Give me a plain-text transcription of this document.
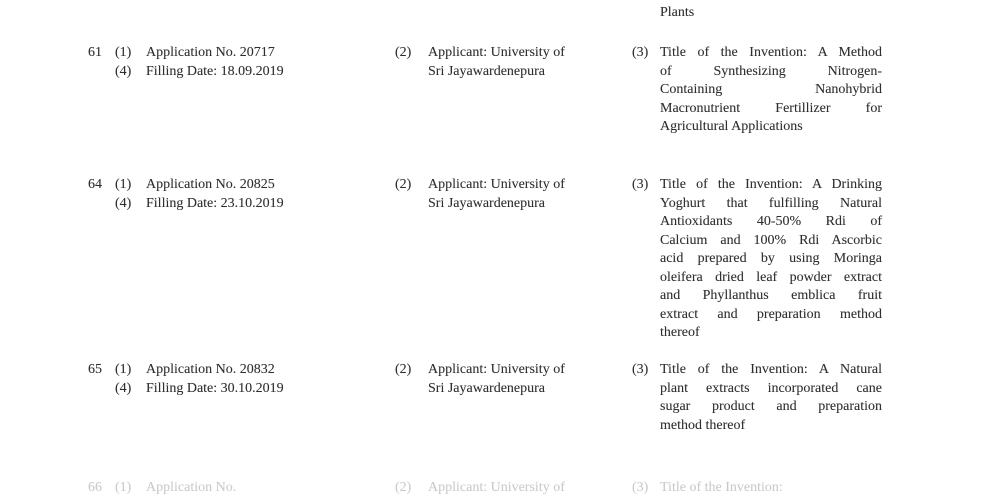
Plants
61 (1)	Application No. 20717
(4)	Filling Date: 18.09.2019
(2)	Applicant: University of
Sri Jayawardenepura
(3) Title of the Invention: A Method
of Synthesizing Nitrogen-
Containing Nanohybrid
Macronutrient Fertillizer for
Agricultural Applications
64 (1)	Application No. 20825
(4)	Filling Date: 23.10.2019
(2)	Applicant: University of
Sri Jayawardenepura
(3) Title of the Invention: A Drinking
Yoghurt that fulfilling Natural
Antioxidants 40-50% Rdi of
Calcium and 100% Rdi Ascorbic
acid prepared by using Moringa
oleifera dried leaf powder extract
and Phyllanthus emblica fruit
extract and preparation method
thereof
65 (1)	Application No. 20832
(4)	Filling Date: 30.10.2019
(2)	Applicant: University of
Sri Jayawardenepura
(3) Title of the Invention: A Natural
plant extracts incorporated cane
sugar product and preparation
method thereof
66 (1)	Application No.	(2)	Applicant: University of	(3) Title of the Invention:
